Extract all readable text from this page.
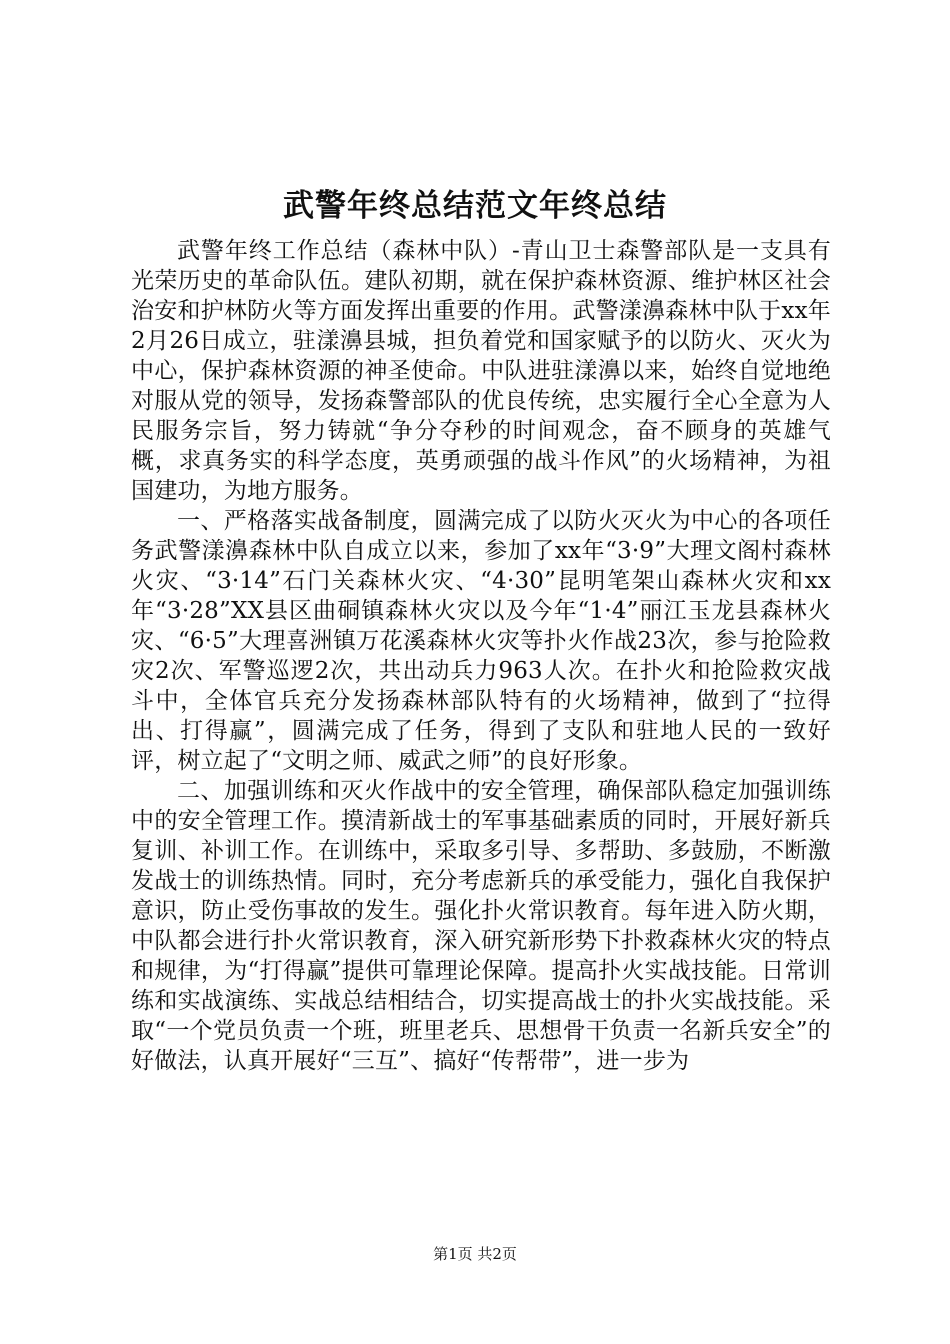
武警年终总结范文年终总结

武警年终工作总结（森林中队）-青山卫士森警部队是一支具有光荣历史的革命队伍。建队初期，就在保护森林资源、维护林区社会治安和护林防火等方面发挥出重要的作用。武警漾濞森林中队于xx年2月26日成立，驻漾濞县城，担负着党和国家赋予的以防火、灭火为中心，保护森林资源的神圣使命。中队进驻漾濞以来，始终自觉地绝对服从党的领导，发扬森警部队的优良传统，忠实履行全心全意为人民服务宗旨，努力铸就“争分夺秒的时间观念，奋不顾身的英雄气概，求真务实的科学态度，英勇顽强的战斗作风”的火场精神，为祖国建功，为地方服务。

一、严格落实战备制度，圆满完成了以防火灭火为中心的各项任务武警漾濞森林中队自成立以来，参加了xx年“3·9”大理文阁村森林火灾、“3·14”石门关森林火灾、“4·30”昆明笔架山森林火灾和xx年“3·28”XX县区曲硐镇森林火灾以及今年“1·4”丽江玉龙县森林火灾、“6·5”大理喜洲镇万花溪森林火灾等扑火作战23次，参与抢险救灾2次、军警巡逻2次，共出动兵力963人次。在扑火和抢险救灾战斗中，全体官兵充分发扬森林部队特有的火场精神，做到了“拉得出、打得赢”，圆满完成了任务，得到了支队和驻地人民的一致好评，树立起了“文明之师、威武之师”的良好形象。

二、加强训练和灭火作战中的安全管理，确保部队稳定加强训练中的安全管理工作。摸清新战士的军事基础素质的同时，开展好新兵复训、补训工作。在训练中，采取多引导、多帮助、多鼓励，不断激发战士的训练热情。同时，充分考虑新兵的承受能力，强化自我保护意识，防止受伤事故的发生。强化扑火常识教育。每年进入防火期，中队都会进行扑火常识教育，深入研究新形势下扑救森林火灾的特点和规律，为“打得赢”提供可靠理论保障。提高扑火实战技能。日常训练和实战演练、实战总结相结合，切实提高战士的扑火实战技能。采取“一个党员负责一个班，班里老兵、思想骨干负责一名新兵安全”的好做法，认真开展好“三互”、搞好“传帮带”，进一步为

第1页 共2页
